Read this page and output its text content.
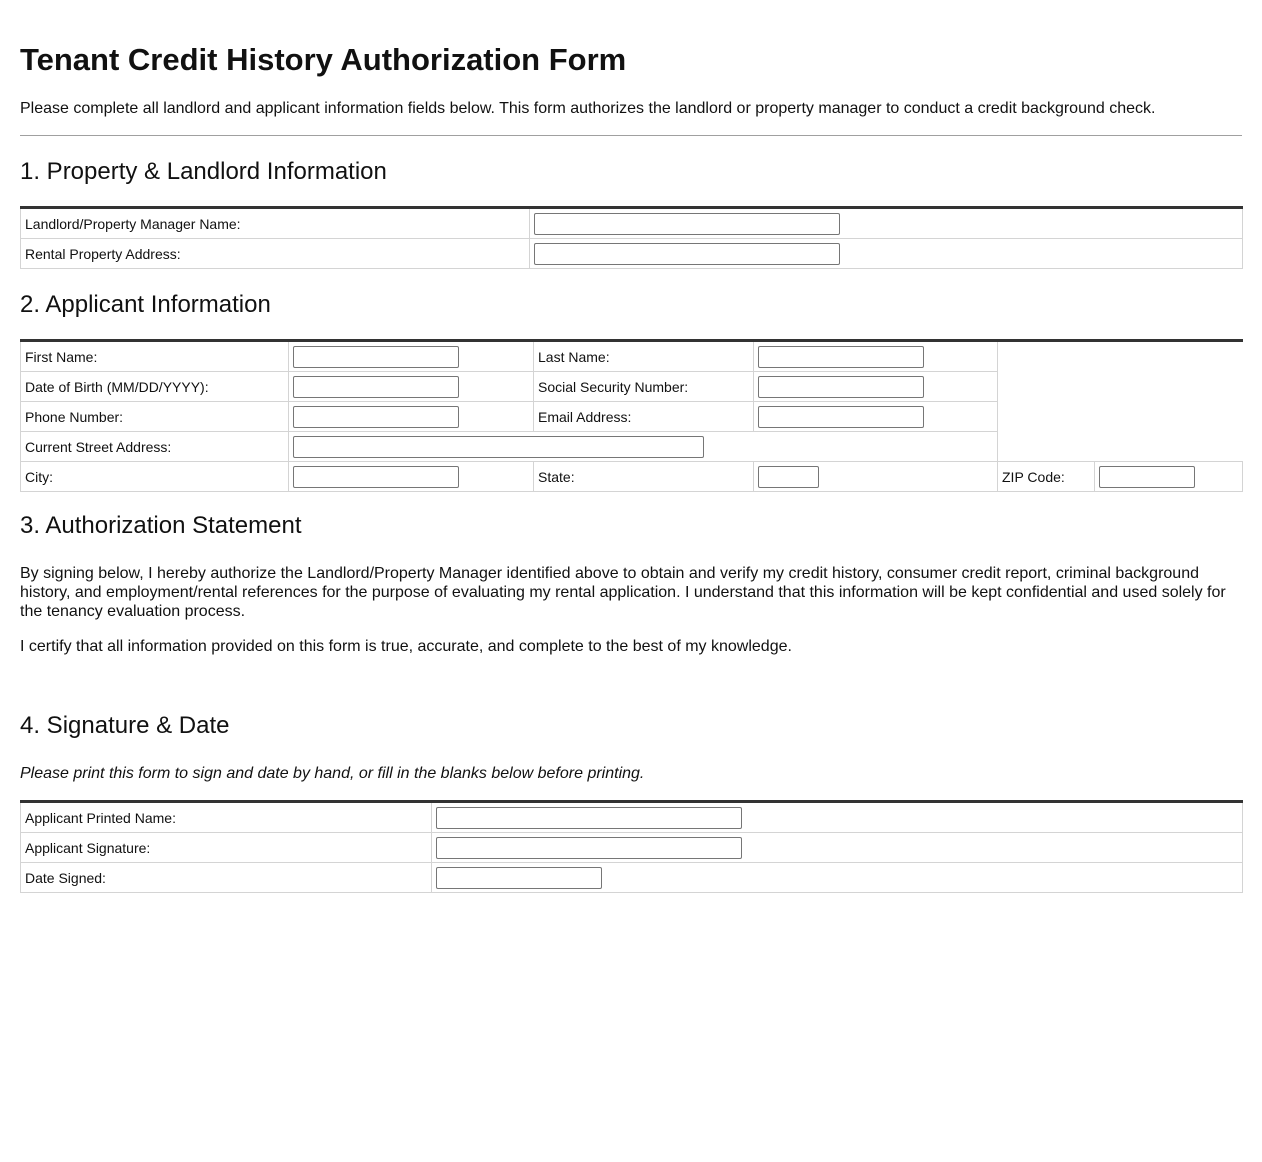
Tenant Credit History Authorization Form

Please complete all landlord and applicant information fields below. This form authorizes the landlord or property manager to conduct a credit background check.

1. Property & Landlord Information
Landlord/Property Manager Name:	

Rental Property Address:	
2. Applicant Information
First Name:		Last Name:	

Date of Birth (MM/DD/YYYY):		Social Security Number:	

Phone Number:		Email Address:	

Current Street Address:	

City:		State:		ZIP Code:	
3. Authorization Statement

By signing below, I hereby authorize the Landlord/Property Manager identified above to obtain and verify my credit history, consumer credit report, criminal background history, and employment/rental references for the purpose of evaluating my rental application. I understand that this information will be kept confidential and used solely for the tenancy evaluation process.

I certify that all information provided on this form is true, accurate, and complete to the best of my knowledge.

4. Signature & Date

Please print this form to sign and date by hand, or fill in the blanks below before printing.

Applicant Printed Name:	

Applicant Signature:	

Date Signed:	
